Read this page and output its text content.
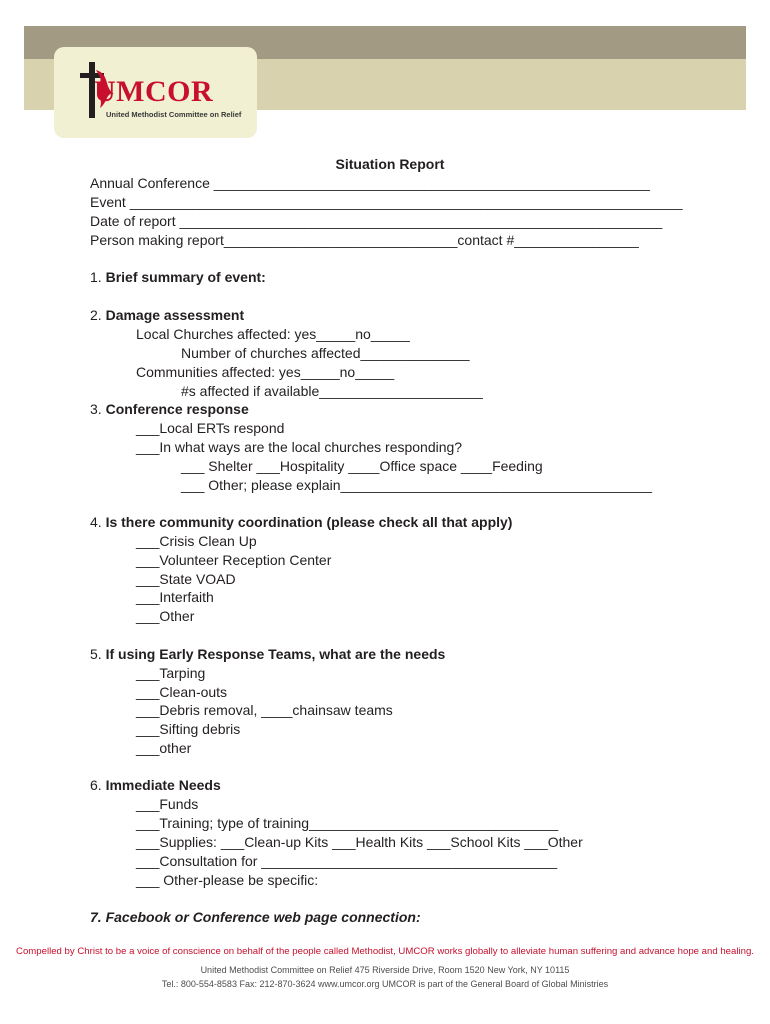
UMCOR
United Methodist Committee on Relief
Situation Report
Annual Conference ________________________________________________________
Event _______________________________________________________________________
Date of report ______________________________________________________________
Person making report______________________________contact #________________
1. Brief summary of event:
2. Damage assessment
Local Churches affected: yes_____no_____
Number of churches affected______________
Communities affected: yes_____no_____
#s affected if available_____________________
3. Conference response
___Local ERTs respond
___In what ways are the local churches responding?
___ Shelter ___Hospitality ____Office space ____Feeding
___ Other; please explain________________________________________
4. Is there community coordination (please check all that apply)
___Crisis Clean Up
___Volunteer Reception Center
___State VOAD
___Interfaith
___Other
5. If using Early Response Teams, what are the needs
___Tarping
___Clean-outs
___Debris removal, ____chainsaw teams
___Sifting debris
___other
6. Immediate Needs
___Funds
___Training; type of training________________________________
___Supplies: ___Clean-up Kits ___Health Kits ___School Kits ___Other
___Consultation for ______________________________________
___ Other-please be specific:
7. Facebook or Conference web page connection:
Compelled by Christ to be a voice of conscience on behalf of the people called Methodist, UMCOR works globally to alleviate human suffering and advance hope and healing.
United Methodist Committee on Relief 475 Riverside Drive, Room 1520 New York, NY 10115
Tel.: 800-554-8583 Fax: 212-870-3624 www.umcor.org UMCOR is part of the General Board of Global Ministries
